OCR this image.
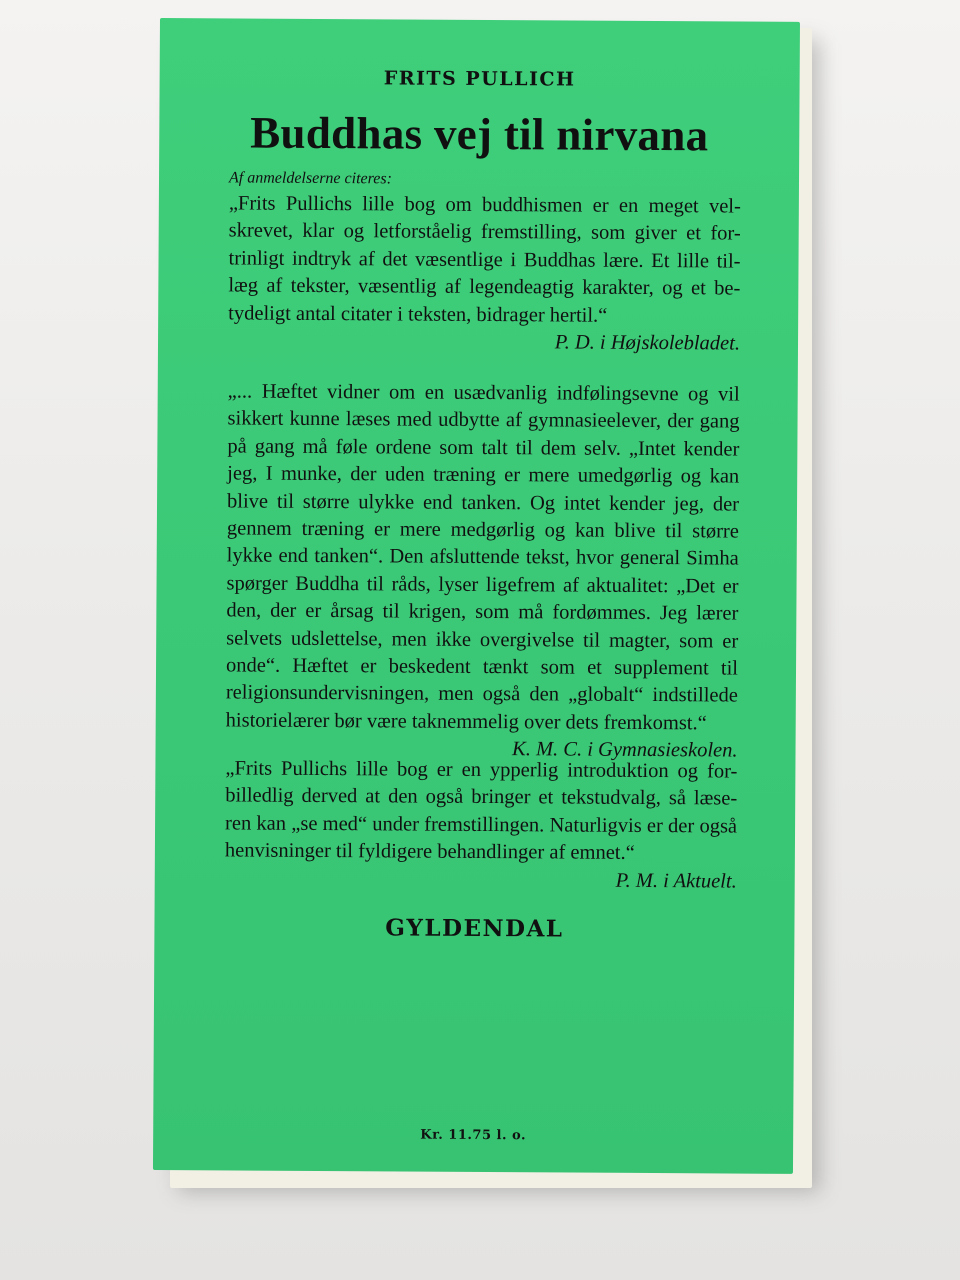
FRITS PULLICH
Buddhas vej til nirvana
Af anmeldelserne citeres:

„Frits Pullichs lille bog om buddhismen er en meget vel-skrevet, klar og letforståelig fremstilling, som giver et for-trinligt indtryk af det væsentlige i Buddhas lære. Et lille til-læg af tekster, væsentlig af legendeagtig karakter, og et be-tydeligt antal citater i teksten, bidrager hertil.“

P. D. i Højskolebladet.

„... Hæftet vidner om en usædvanlig indfølingsevne og vil sikkert kunne læses med udbytte af gymnasieelever, der gang på gang må føle ordene som talt til dem selv. „Intet kender jeg, I munke, der uden træning er mere umedgørlig og kan blive til større ulykke end tanken. Og intet kender jeg, der gennem træning er mere medgørlig og kan blive til større lykke end tanken“. Den afsluttende tekst, hvor general Simha spørger Buddha til råds, lyser ligefrem af aktualitet: „Det er den, der er årsag til krigen, som må fordømmes. Jeg lærer selvets udslettelse, men ikke overgivelse til magter, som er onde“. Hæftet er beskedent tænkt som et supplement til religionsundervisningen, men også den „globalt“ indstillede historielærer bør være taknemmelig over dets fremkomst.“

K. M. C. i Gymnasieskolen.

„Frits Pullichs lille bog er en ypperlig introduktion og for-billedlig derved at den også bringer et tekstudvalg, så læse-ren kan „se med“ under fremstillingen. Naturligvis er der også henvisninger til fyldigere behandlinger af emnet.“

P. M. i Aktuelt.

GYLDENDAL
Kr. 11.75 l. o.
